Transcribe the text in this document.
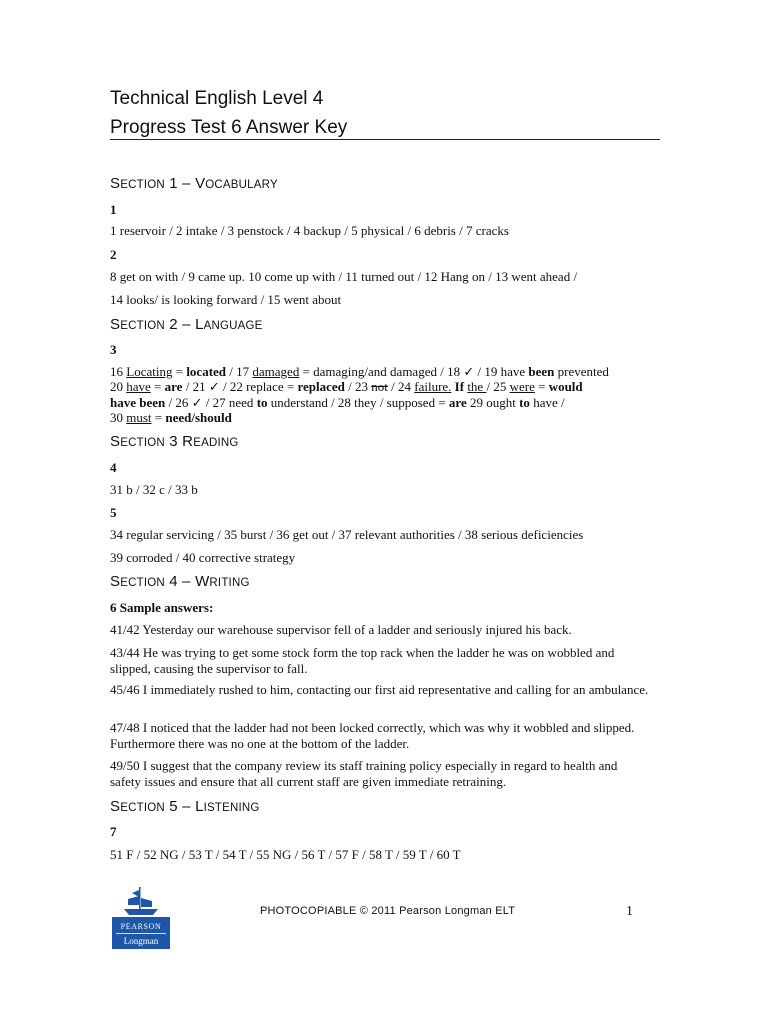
Technical English Level 4
Progress Test 6 Answer Key
SECTION 1 – VOCABULARY
1
1 reservoir / 2 intake / 3 penstock / 4 backup / 5 physical / 6 debris / 7 cracks
2
8 get on with / 9 came up. 10 come up with / 11 turned out / 12 Hang on / 13 went ahead /
14 looks/ is looking forward / 15 went about
SECTION 2 – LANGUAGE
3
16 Locating = located / 17 damaged = damaging/and damaged / 18 ✓ / 19 have been prevented
20 have = are / 21 ✓ / 22 replace = replaced / 23 not / 24 failure. If the / 25 were = would
have been / 26 ✓ / 27 need to understand / 28 they / supposed = are 29 ought to have /
30 must = need/should
SECTION 3 READING
4
31 b / 32 c / 33 b
5
34 regular servicing / 35 burst / 36 get out / 37 relevant authorities / 38 serious deficiencies
39 corroded / 40 corrective strategy
SECTION 4 – WRITING
6 Sample answers:
41/42 Yesterday our warehouse supervisor fell of a ladder and seriously injured his back.
43/44 He was trying to get some stock form the top rack when the ladder he was on wobbled and slipped, causing the supervisor to fall.
45/46 I immediately rushed to him, contacting our first aid representative and calling for an ambulance.
47/48 I noticed that the ladder had not been locked correctly, which was why it wobbled and slipped. Furthermore there was no one at the bottom of the ladder.
49/50 I suggest that the company review its staff training policy especially in regard to health and safety issues and ensure that all current staff are given immediate retraining.
SECTION 5 – LISTENING
7
51 F / 52 NG / 53 T / 54 T / 55 NG / 56 T / 57 F / 58 T / 59 T / 60 T
PEARSON
Longman
PHOTOCOPIABLE © 2011 Pearson Longman ELT	1
